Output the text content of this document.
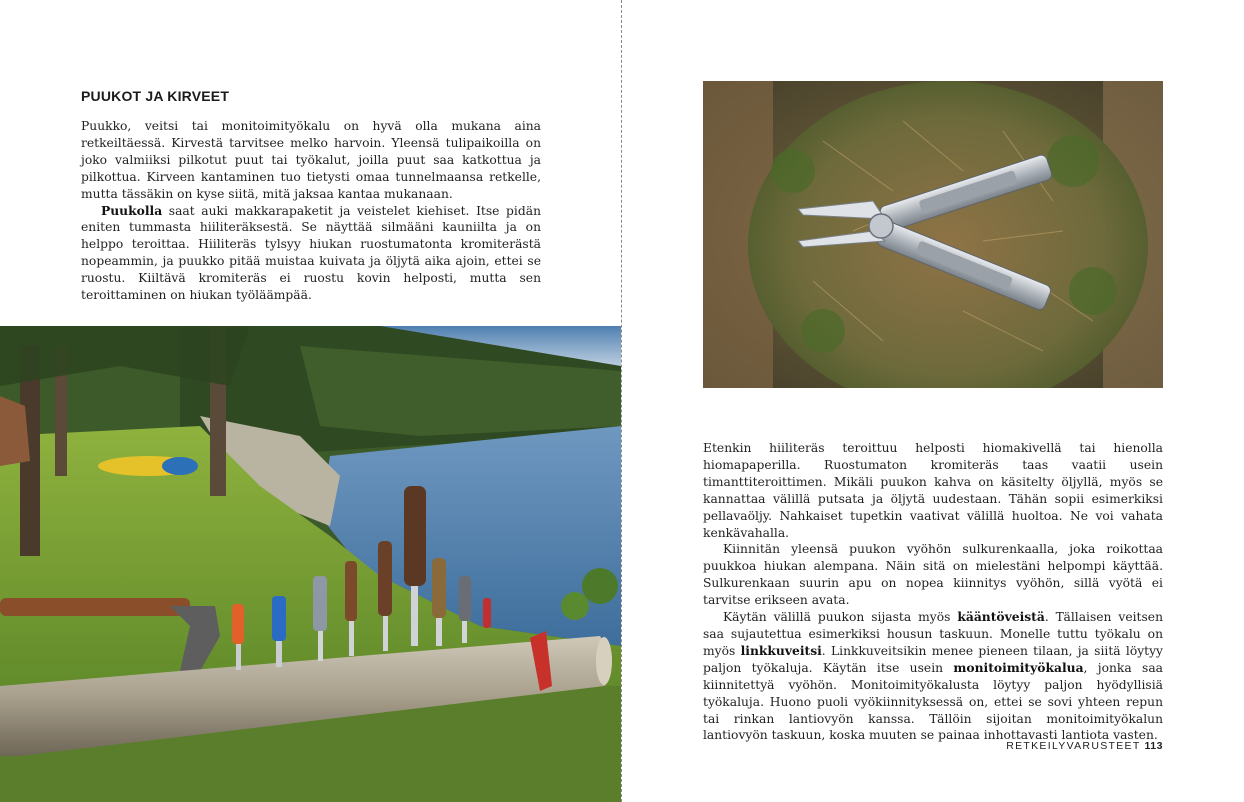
PUUKOT JA KIRVEET

Puukko, veitsi tai monitoimityökalu on hyvä olla mukana aina retkeiltäessä. Kirvestä tarvitsee melko harvoin. Yleensä tulipaikoilla on joko valmiiksi pilkotut puut tai työkalut, joilla puut saa katkottua ja pilkottua. Kirveen kantaminen tuo tietysti omaa tunnelmaansa retkelle, mutta tässäkin on kyse siitä, mitä jaksaa kantaa mukanaan.

Puukolla saat auki makkarapaketit ja veistelet kiehiset. Itse pidän eniten tummasta hiiliteräksestä. Se näyttää silmääni kauniilta ja on helppo teroittaa. Hiiliteräs tylsyy hiukan ruostumatonta kromiterästä nopeammin, ja puukko pitää muistaa kuivata ja öljytä aika ajoin, ettei se ruostu. Kiiltävä kromiteräs ei ruostu kovin helposti, mutta sen teroittaminen on hiukan työläämpää.

Etenkin hiiliteräs teroittuu helposti hiomakivellä tai hienolla hiomapaperilla. Ruostumaton kromiteräs taas vaatii usein timanttiteroittimen. Mikäli puukon kahva on käsitelty öljyllä, myös se kannattaa välillä putsata ja öljytä uudestaan. Tähän sopii esimerkiksi pellavaöljy. Nahkaiset tupetkin vaativat välillä huoltoa. Ne voi vahata kenkävahalla.

Kiinnitän yleensä puukon vyöhön sulkurenkaalla, joka roikottaa puukkoa hiukan alempana. Näin sitä on mielestäni helpompi käyttää. Sulkurenkaan suurin apu on nopea kiinnitys vyöhön, sillä vyötä ei tarvitse erikseen avata.

Käytän välillä puukon sijasta myös kääntöveistä. Tällaisen veitsen saa sujautettua esimerkiksi housun taskuun. Monelle tuttu työkalu on myös linkkuveitsi. Linkkuveitsikin menee pieneen tilaan, ja siitä löytyy paljon työkaluja. Käytän itse usein monitoimityökalua, jonka saa kiinnitettyä vyöhön. Monitoimityökalusta löytyy paljon hyödyllisiä työkaluja. Huono puoli vyökiinnityksessä on, ettei se sovi yhteen repun tai rinkan lantiovyön kanssa. Tällöin sijoitan monitoimityökalun lantiovyön taskuun, koska muuten se painaa inhottavasti lantiota vasten.

RETKEILYVARUSTEET 113
